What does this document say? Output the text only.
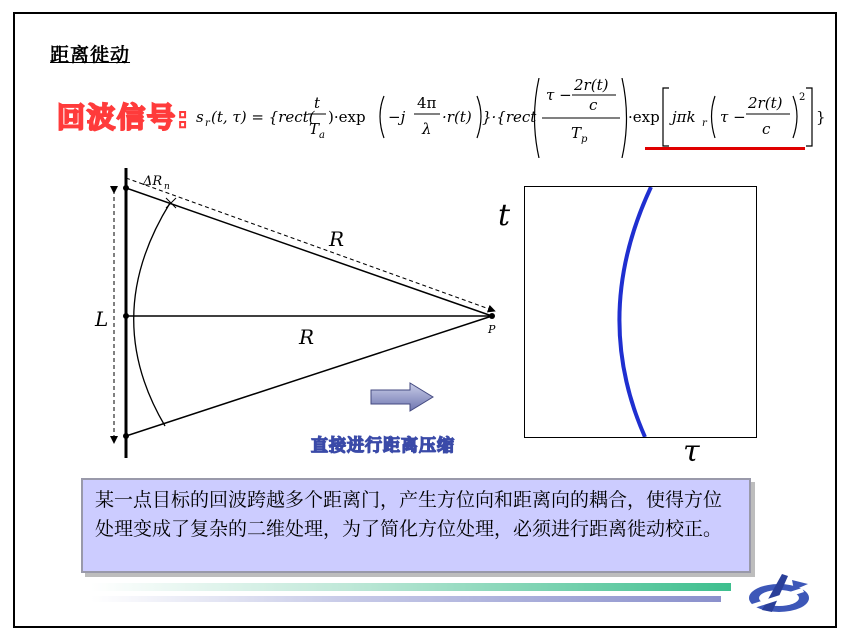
距离徙动
回波信号: s r (t, τ) = {rect(
t
T a
)·exp −j
4π
λ
·r(t) }·{rect
τ −
2r(t)
c
T p
·exp jπk r τ −
2r(t)
c
2
}
ΔR n
R
R
L	P
直接进行距离压缩
t
τ
某一点目标的回波跨越多个距离门，产生方位向和距离向的耦合，使得方位处理变成了复杂的二维处理，为了简化方位处理，必须进行距离徙动校正。
